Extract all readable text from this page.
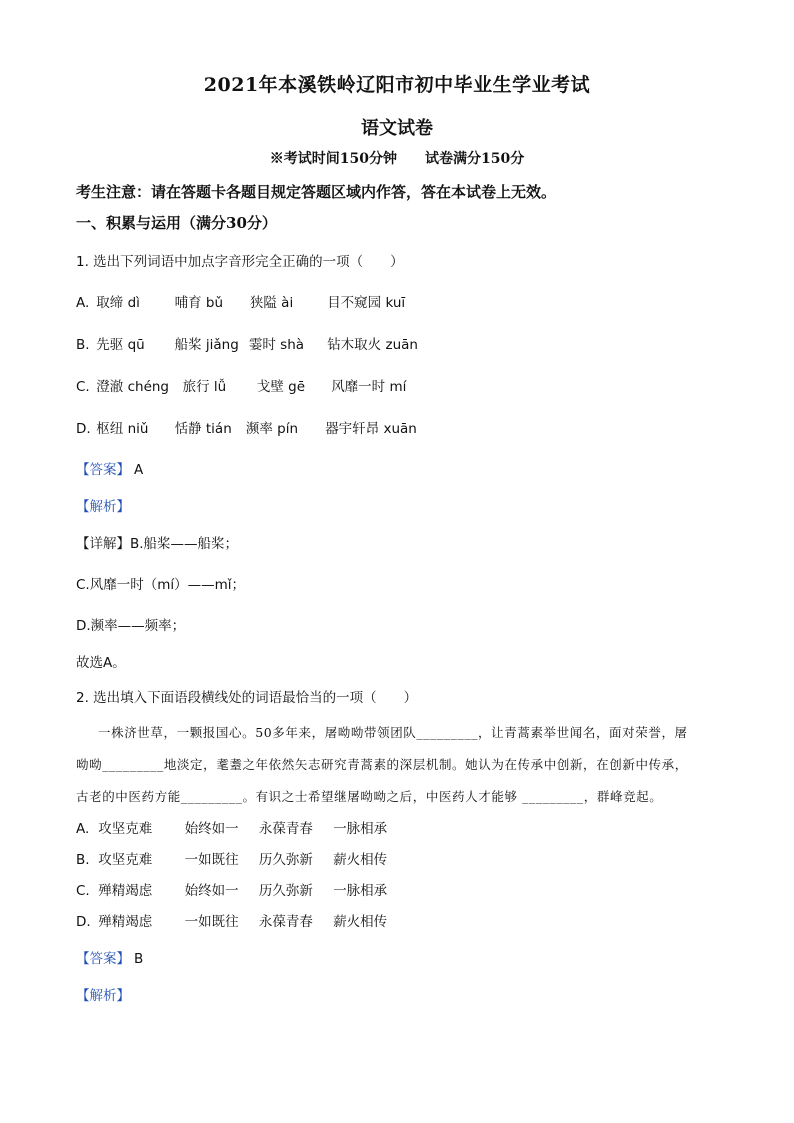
2021年本溪铁岭辽阳市初中毕业生学业考试
语文试卷
※考试时间150分钟　　试卷满分150分
考生注意：请在答题卡各题目规定答题区域内作答，答在本试卷上无效。
一、积累与运用（满分30分）
1. 选出下列词语中加点字音形完全正确的一项（　　）
A. 取缔 dì	哺育 bǔ 狭隘 ài	目不窥园 kuī
B. 先驱 qū 船桨 jiǎng 霎时 shà 钻木取火 zuān
C. 澄澈 chéng 旅行 lǚ 戈壁 gē 风靡一时 mí
D. 枢纽 niǔ 恬静 tián 濒率 pín 器宇轩昂 xuān
【答案】 A
【解析】
【详解】B.船桨——船桨；
C.风靡一时（mí）——mǐ；
D.濒率——频率；
故选A。
2. 选出填入下面语段横线处的词语最恰当的一项（　　）
一株济世草，一颗报国心。50多年来，屠呦呦带领团队_________，让青蒿素举世闻名，面对荣誉，屠
呦呦_________地淡定，耄耋之年依然矢志研究青蒿素的深层机制。她认为在传承中创新，在创新中传承，
古老的中医药方能_________。有识之士希望继屠呦呦之后，中医药人才能够 _________，群峰竞起。
A. 攻坚克难 始终如一 永葆青春 一脉相承
B. 攻坚克难 一如既往 历久弥新 薪火相传
C. 殚精竭虑 始终如一 历久弥新 一脉相承
D. 殚精竭虑 一如既往 永葆青春 薪火相传
【答案】 B
【解析】
